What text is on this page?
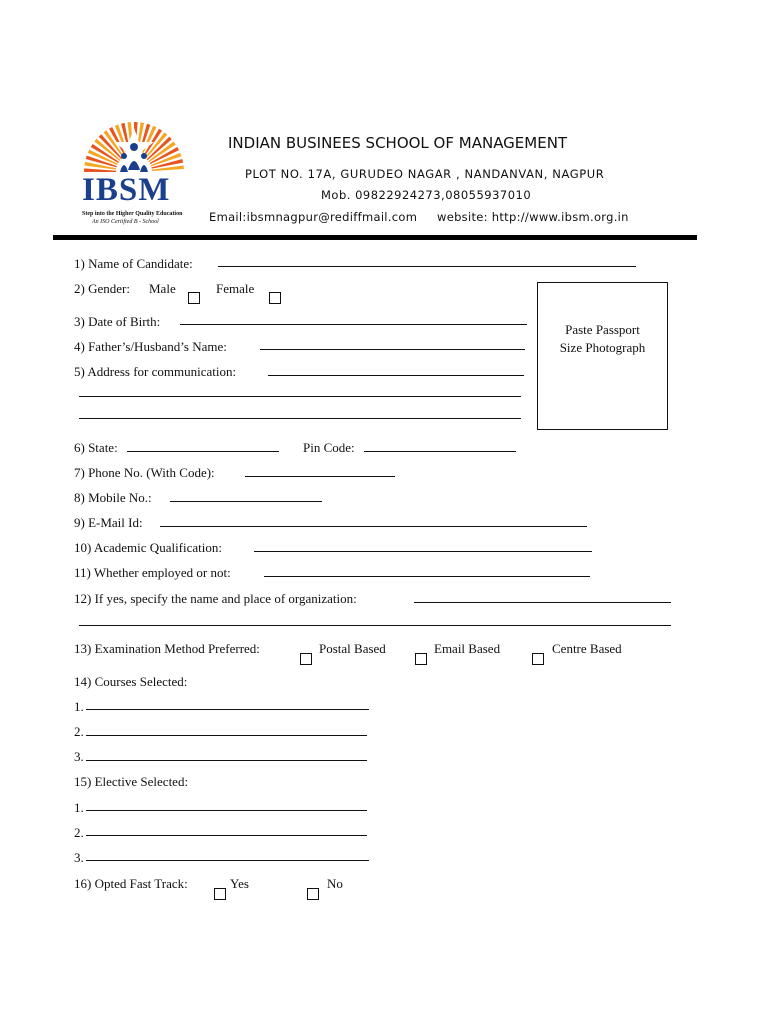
IBSM
Step into the Higher Quality Education
An ISO Certified B - School
INDIAN BUSINEES SCHOOL OF MANAGEMENT
PLOT NO. 17A, GURUDEO NAGAR , NANDANVAN, NAGPUR
Mob. 09822924273,08055937010
Email:ibsmnagpur@rediffmail.com     website: http://www.ibsm.org.in
Paste Passport
Size Photograph
1) Name of Candidate:
2) Gender: Male	Female
3) Date of Birth:
4) Father’s/Husband’s Name:
5) Address for communication:
6) State:	Pin Code:
7) Phone No. (With Code):
8) Mobile No.:
9) E-Mail Id:
10) Academic Qualification:
11) Whether employed or not:
12) If yes, specify the name and place of organization:
13) Examination Method Preferred:	Postal Based	Email Based	Centre Based
14) Courses Selected:
1.
2.
3.
15) Elective Selected:
1.
2.
3.
16) Opted Fast Track:	Yes	No
